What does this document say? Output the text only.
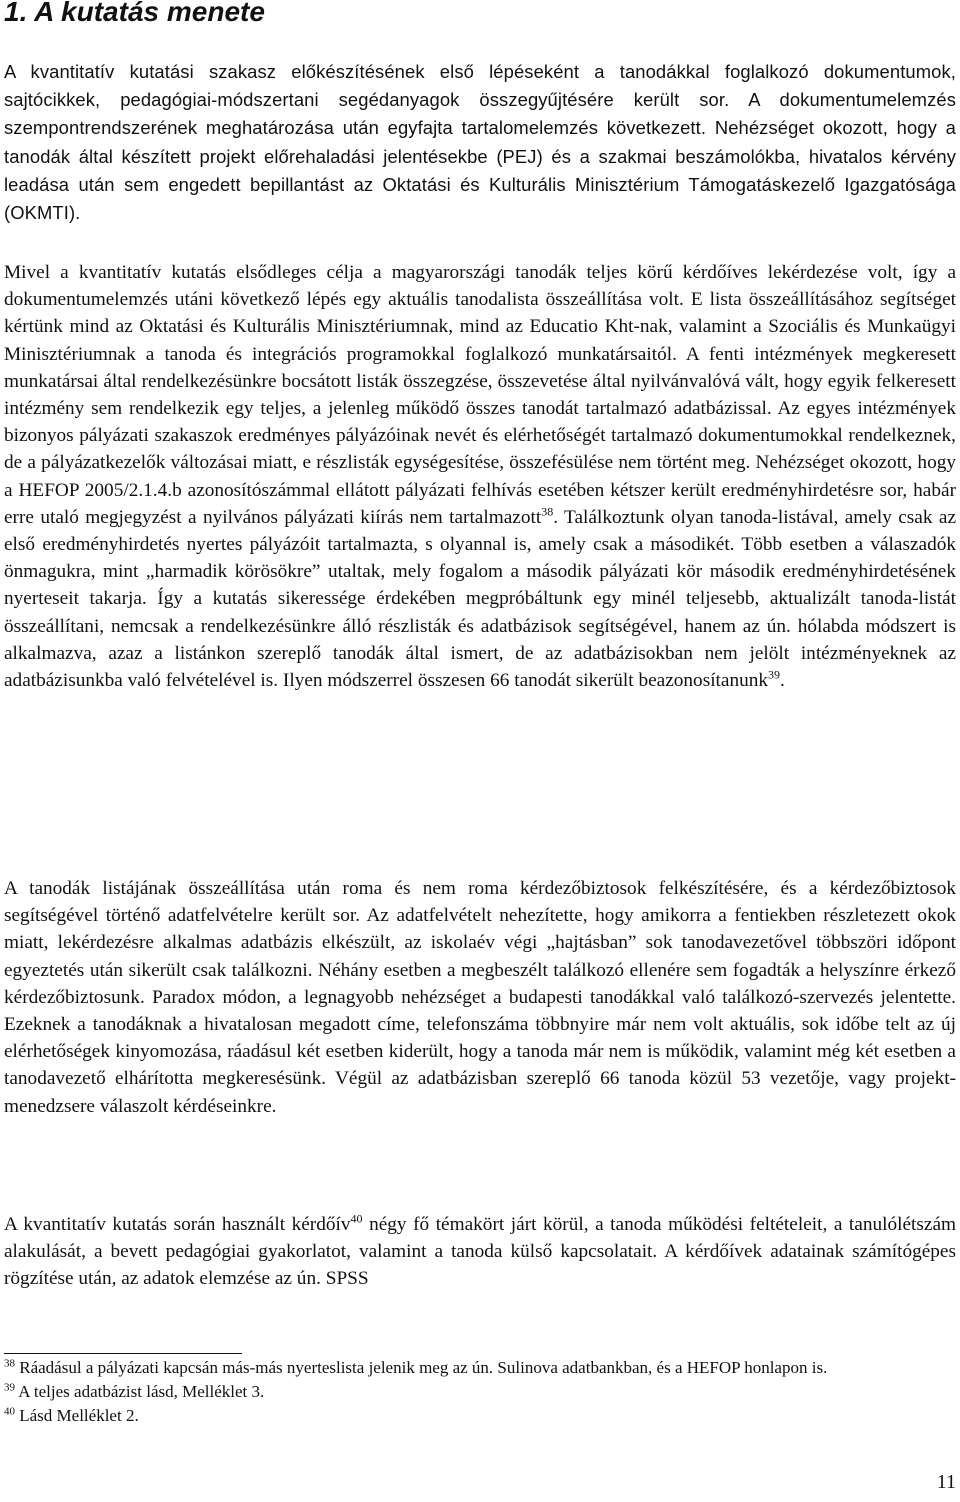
1. A kutatás menete

A kvantitatív kutatási szakasz előkészítésének első lépéseként a tanodákkal foglalkozó dokumentumok, sajtócikkek, pedagógiai-módszertani segédanyagok összegyűjtésére került sor. A dokumentumelemzés szempontrendszerének meghatározása után egyfajta tartalomelemzés következett. Nehézséget okozott, hogy a tanodák által készített projekt előrehaladási jelentésekbe (PEJ) és a szakmai beszámolókba, hivatalos kérvény leadása után sem engedett bepillantást az Oktatási és Kulturális Minisztérium Támogatáskezelő Igazgatósága (OKMTI).

Mivel a kvantitatív kutatás elsődleges célja a magyarországi tanodák teljes körű kérdőíves lekérdezése volt, így a dokumentumelemzés utáni következő lépés egy aktuális tanodalista összeállítása volt. E lista összeállításához segítséget kértünk mind az Oktatási és Kulturális Minisztériumnak, mind az Educatio Kht-nak, valamint a Szociális és Munkaügyi Minisztériumnak a tanoda és integrációs programokkal foglalkozó munkatársaitól. A fenti intézmények megkeresett munkatársai által rendelkezésünkre bocsátott listák összegzése, összevetése által nyilvánvalóvá vált, hogy egyik felkeresett intézmény sem rendelkezik egy teljes, a jelenleg működő összes tanodát tartalmazó adatbázissal. Az egyes intézmények bizonyos pályázati szakaszok eredményes pályázóinak nevét és elérhetőségét tartalmazó dokumentumokkal rendelkeznek, de a pályázatkezelők változásai miatt, e részlisták egységesítése, összefésülése nem történt meg. Nehézséget okozott, hogy a HEFOP 2005/2.1.4.b azonosítószámmal ellátott pályázati felhívás esetében kétszer került eredményhirdetésre sor, habár erre utaló megjegyzést a nyilvános pályázati kiírás nem tartalmazott$^{38}$. Találkoztunk olyan tanoda-listával, amely csak az első eredményhirdetés nyertes pályázóit tartalmazta, s olyannal is, amely csak a másodikét. Több esetben a válaszadók önmagukra, mint „harmadik körösökre” utaltak, mely fogalom a második pályázati kör második eredményhirdetésének nyerteseit takarja. Így a kutatás sikeressége érdekében megpróbáltunk egy minél teljesebb, aktualizált tanoda-listát összeállítani, nemcsak a rendelkezésünkre álló részlisták és adatbázisok segítségével, hanem az ún. hólabda módszert is alkalmazva, azaz a listánkon szereplő tanodák által ismert, de az adatbázisokban nem jelölt intézményeknek az adatbázisunkba való felvételével is. Ilyen módszerrel összesen 66 tanodát sikerült beazonosítanunk$^{39}$.

A tanodák listájának összeállítása után roma és nem roma kérdezőbiztosok felkészítésére, és a kérdezőbiztosok segítségével történő adatfelvételre került sor. Az adatfelvételt nehezítette, hogy amikorra a fentiekben részletezett okok miatt, lekérdezésre alkalmas adatbázis elkészült, az iskolaév végi „hajtásban” sok tanodavezetővel többszöri időpont egyeztetés után sikerült csak találkozni. Néhány esetben a megbeszélt találkozó ellenére sem fogadták a helyszínre érkező kérdezőbiztosunk. Paradox módon, a legnagyobb nehézséget a budapesti tanodákkal való találkozó-szervezés jelentette. Ezeknek a tanodáknak a hivatalosan megadott címe, telefonszáma többnyire már nem volt aktuális, sok időbe telt az új elérhetőségek kinyomozása, ráadásul két esetben kiderült, hogy a tanoda már nem is működik, valamint még két esetben a tanodavezető elhárította megkeresésünk. Végül az adatbázisban szereplő 66 tanoda közül 53 vezetője, vagy projekt-menedzsere válaszolt kérdéseinkre.

A kvantitatív kutatás során használt kérdőív$^{40}$ négy fő témakört járt körül, a tanoda működési feltételeit, a tanulólétszám alakulását, a bevett pedagógiai gyakorlatot, valamint a tanoda külső kapcsolatait. A kérdőívek adatainak számítógépes rögzítése után, az adatok elemzése az ún. SPSS

$^{38}$ Ráadásul a pályázati kapcsán más-más nyerteslista jelenik meg az ún. Sulinova adatbankban, és a HEFOP honlapon is.

$^{39}$ A teljes adatbázist lásd, Melléklet 3.

$^{40}$ Lásd Melléklet 2.

11
